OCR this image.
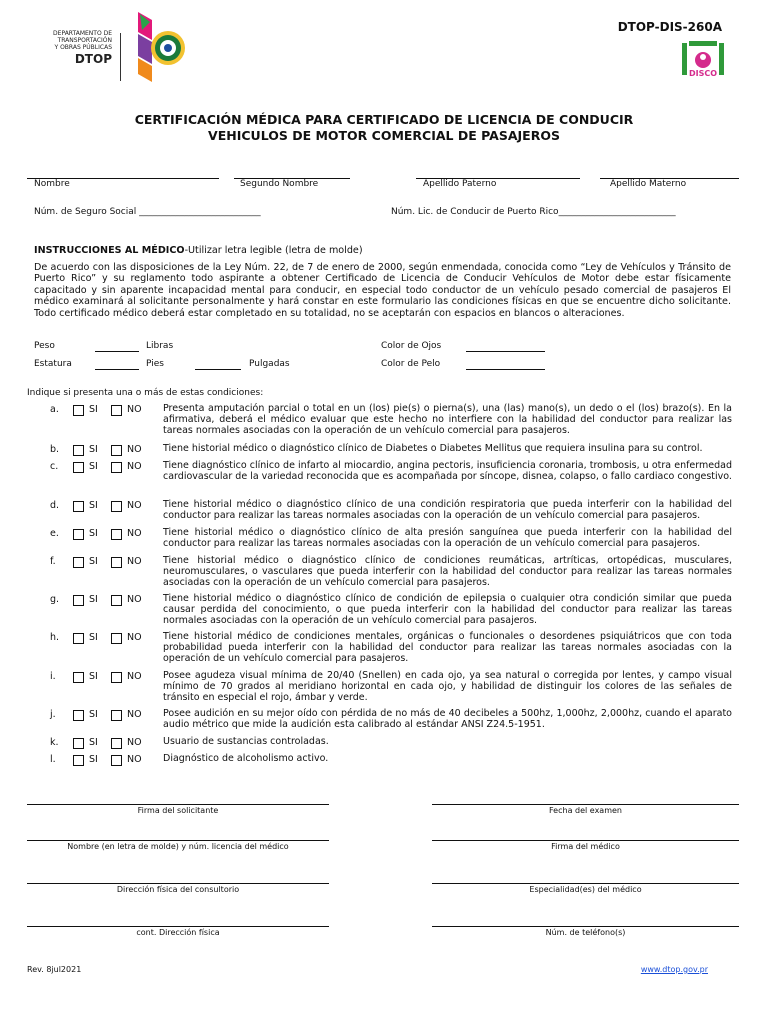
DEPARTAMENTO DE
TRANSPORTACIÓN
Y OBRAS PÚBLICAS
DTOP
DTOP-DIS-260A
DISCO
CERTIFICACIÓN MÉDICA PARA CERTIFICADO DE LICENCIA DE CONDUCIR
VEHICULOS DE MOTOR COMERCIAL DE PASAJEROS
Nombre	Segundo Nombre	Apellido Paterno	Apellido Materno
Núm. de Seguro Social ___________________________	Núm. Lic. de Conducir de Puerto Rico__________________________
INSTRUCCIONES AL MÉDICO-Utilizar letra legible (letra de molde)
De acuerdo con las disposiciones de la Ley Núm. 22, de 7 de enero de 2000, según enmendada, conocida como “Ley de Vehículos y Tránsito de Puerto Rico” y su reglamento todo aspirante a obtener Certificado de Licencia de Conducir Vehículos de Motor debe estar físicamente capacitado y sin aparente incapacidad mental para conducir, en especial todo conductor de un vehículo pesado comercial de pasajeros El médico examinará al solicitante personalmente y hará constar en este formulario las condiciones físicas en que se encuentre dicho solicitante. Todo certificado médico deberá estar completado en su totalidad, no se aceptarán con espacios en blancos o alteraciones.
Peso	Libras	Color de Ojos
Estatura	Pies	Pulgadas	Color de Pelo
Indique si presenta una o más de estas condiciones:
a.	SI	NO Presenta amputación parcial o total en un (los) pie(s) o pierna(s), una (las) mano(s), un dedo o el (los) brazo(s). En la afirmativa, deberá el médico evaluar que este hecho no interfiere con la habilidad del conductor para realizar las tareas normales asociadas con la operación de un vehículo comercial para pasajeros.
b.	SI	NO Tiene historial médico o diagnóstico clínico de Diabetes o Diabetes Mellitus que requiera insulina para su control.
c.	SI	NO Tiene diagnóstico clínico de infarto al miocardio, angina pectoris, insuficiencia coronaria, trombosis, u otra enfermedad cardiovascular de la variedad reconocida que es acompañada por síncope, disnea, colapso, o fallo cardiaco congestivo.
d.	SI	NO Tiene historial médico o diagnóstico clínico de una condición respiratoria que pueda interferir con la habilidad del conductor para realizar las tareas normales asociadas con la operación de un vehículo comercial para pasajeros.
e.	SI	NO Tiene historial médico o diagnóstico clínico de alta presión sanguínea que pueda interferir con la habilidad del conductor para realizar las tareas normales asociadas con la operación de un vehículo comercial para pasajeros.
f.	SI	NO Tiene historial médico o diagnóstico clínico de condiciones reumáticas, artríticas, ortopédicas, musculares, neuromusculares, o vasculares que pueda interferir con la habilidad del conductor para realizar las tareas normales asociadas con la operación de un vehículo comercial para pasajeros.
g.	SI	NO Tiene historial médico o diagnóstico clínico de condición de epilepsia o cualquier otra condición similar que pueda causar perdida del conocimiento, o que pueda interferir con la habilidad del conductor para realizar las tareas normales asociadas con la operación de un vehículo comercial para pasajeros.
h.	SI	NO Tiene historial médico de condiciones mentales, orgánicas o funcionales o desordenes psiquiátricos que con toda probabilidad pueda interferir con la habilidad del conductor para realizar las tareas normales asociadas con la operación de un vehículo comercial para pasajeros.
i.	SI	NO Posee agudeza visual mínima de 20/40 (Snellen) en cada ojo, ya sea natural o corregida por lentes, y campo visual mínimo de 70 grados al meridiano horizontal en cada ojo, y habilidad de distinguir los colores de las señales de tránsito en especial el rojo, ámbar y verde.
j.	SI	NO Posee audición en su mejor oído con pérdida de no más de 40 decibeles a 500hz, 1,000hz, 2,000hz, cuando el aparato audio métrico que mide la audición esta calibrado al estándar ANSI Z24.5-1951.
k.	SI	NO Usuario de sustancias controladas.
l.	SI	NO Diagnóstico de alcoholismo activo.
Firma del solicitante	Fecha del examen
Nombre (en letra de molde) y núm. licencia del médico	Firma del médico
Dirección física del consultorio	Especialidad(es) del médico
cont. Dirección física	Núm. de teléfono(s)
Rev. 8jul2021	www.dtop.gov.pr
